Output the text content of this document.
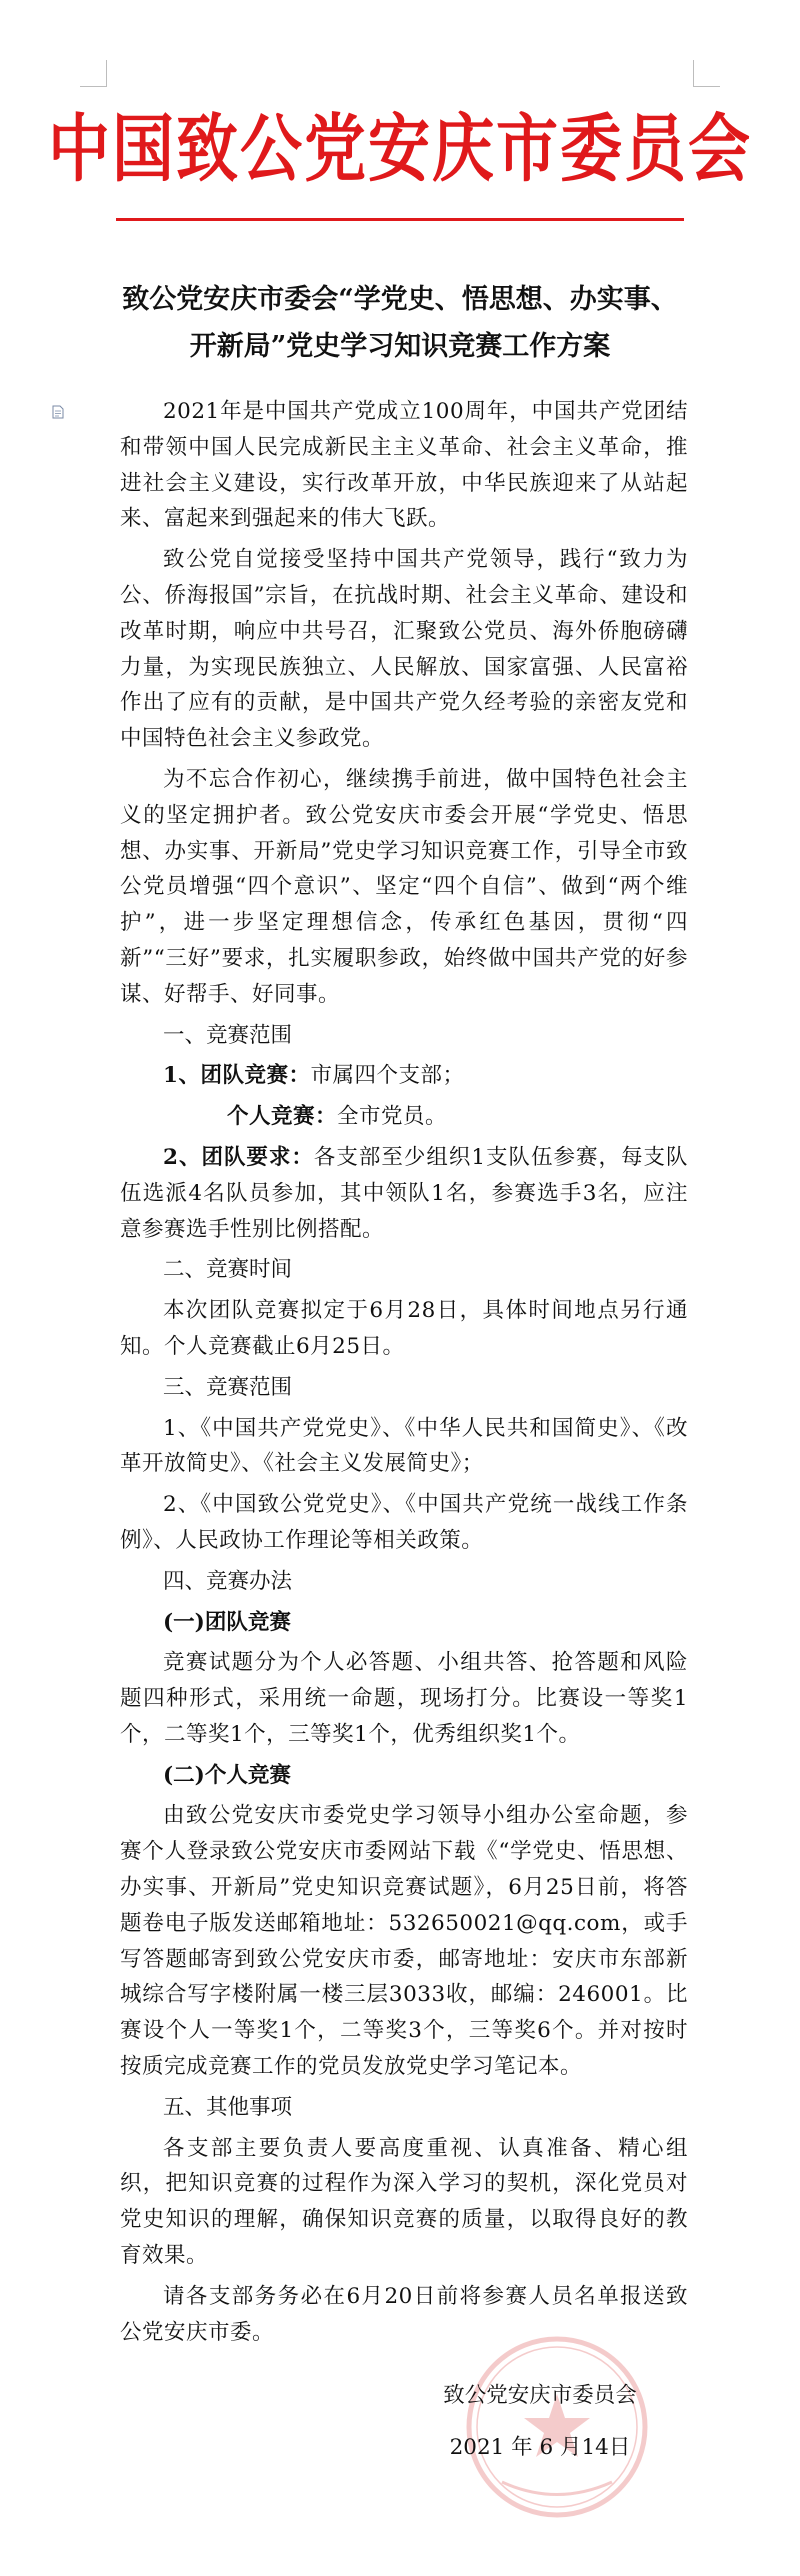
中国致公党安庆市委员会
致公党安庆市委会“学党史、悟思想、办实事、
开新局”党史学习知识竞赛工作方案

2021年是中国共产党成立100周年，中国共产党团结和带领中国人民完成新民主主义革命、社会主义革命，推进社会主义建设，实行改革开放，中华民族迎来了从站起来、富起来到强起来的伟大飞跃。

致公党自觉接受坚持中国共产党领导，践行“致力为公、侨海报国”宗旨，在抗战时期、社会主义革命、建设和改革时期，响应中共号召，汇聚致公党员、海外侨胞磅礴力量，为实现民族独立、人民解放、国家富强、人民富裕作出了应有的贡献，是中国共产党久经考验的亲密友党和中国特色社会主义参政党。

为不忘合作初心，继续携手前进，做中国特色社会主义的坚定拥护者。致公党安庆市委会开展“学党史、悟思想、办实事、开新局”党史学习知识竞赛工作，引导全市致公党员增强“四个意识”、坚定“四个自信”、做到“两个维护”，进一步坚定理想信念，传承红色基因，贯彻“四新”“三好”要求，扎实履职参政，始终做中国共产党的好参谋、好帮手、好同事。

一、竞赛范围

1、团队竞赛：市属四个支部；

个人竞赛：全市党员。

2、团队要求：各支部至少组织1支队伍参赛，每支队伍选派4名队员参加，其中领队1名，参赛选手3名，应注意参赛选手性别比例搭配。

二、竞赛时间

本次团队竞赛拟定于6月28日，具体时间地点另行通知。个人竞赛截止6月25日。

三、竞赛范围

1、《中国共产党党史》、《中华人民共和国简史》、《改革开放简史》、《社会主义发展简史》；

2、《中国致公党党史》、《中国共产党统一战线工作条例》、人民政协工作理论等相关政策。

四、竞赛办法

(一)团队竞赛

竞赛试题分为个人必答题、小组共答、抢答题和风险题四种形式，采用统一命题，现场打分。比赛设一等奖1个，二等奖1个，三等奖1个，优秀组织奖1个。

(二)个人竞赛

由致公党安庆市委党史学习领导小组办公室命题，参赛个人登录致公党安庆市委网站下载《“学党史、悟思想、办实事、开新局”党史知识竞赛试题》，6月25日前，将答题卷电子版发送邮箱地址：532650021@qq.com，或手写答题邮寄到致公党安庆市委，邮寄地址：安庆市东部新城综合写字楼附属一楼三层3033收，邮编：246001。比赛设个人一等奖1个，二等奖3个，三等奖6个。并对按时按质完成竞赛工作的党员发放党史学习笔记本。

五、其他事项

各支部主要负责人要高度重视、认真准备、精心组织，把知识竞赛的过程作为深入学习的契机，深化党员对党史知识的理解，确保知识竞赛的质量，以取得良好的教育效果。

请各支部务务必在6月20日前将参赛人员名单报送致公党安庆市委。

致公党安庆市委员会
2021 年 6 月14日
